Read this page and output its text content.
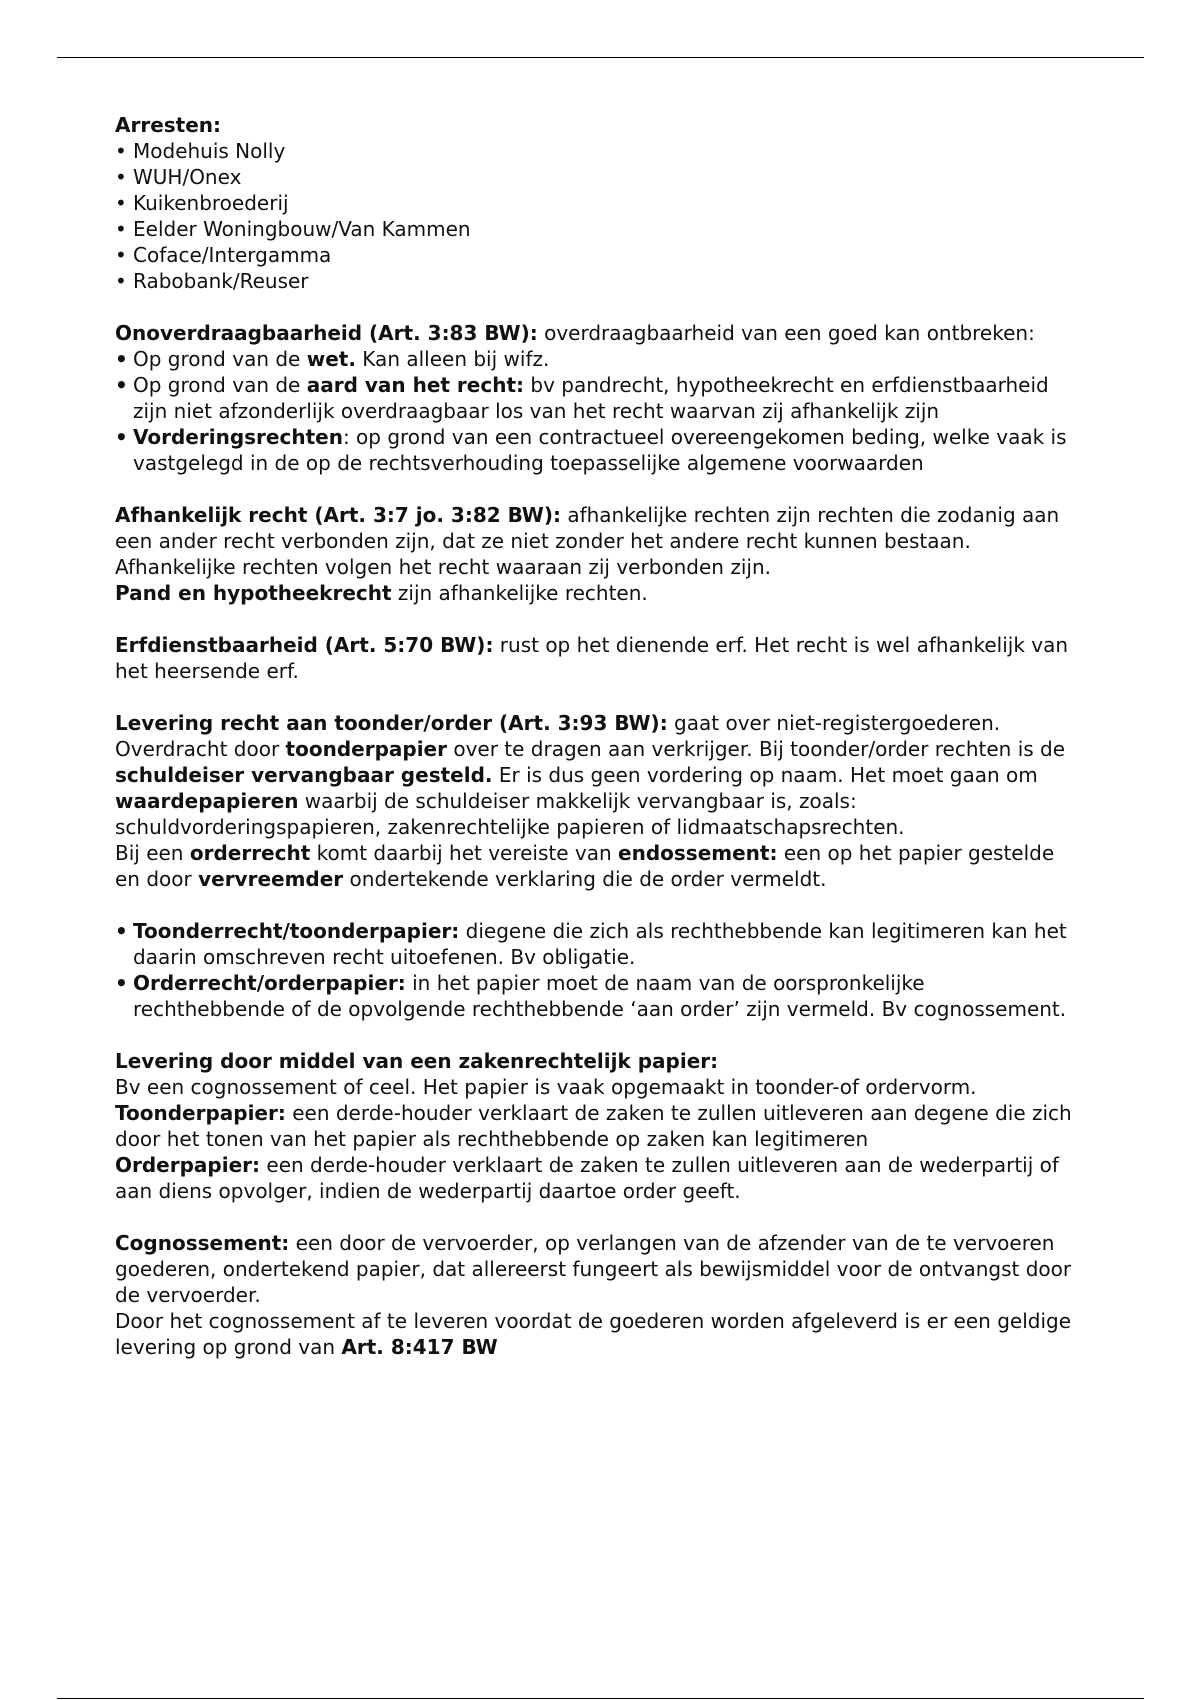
Arresten:
• Modehuis Nolly
• WUH/Onex
• Kuikenbroederij
• Eelder Woningbouw/Van Kammen
• Coface/Intergamma
• Rabobank/Reuser
Onoverdraagbaarheid (Art. 3:83 BW): overdraagbaarheid van een goed kan ontbreken:
• Op grond van de wet. Kan alleen bij wifz.
• Op grond van de aard van het recht: bv pandrecht, hypotheekrecht en erfdienstbaarheid zijn niet afzonderlijk overdraagbaar los van het recht waarvan zij afhankelijk zijn
• Vorderingsrechten: op grond van een contractueel overeengekomen beding, welke vaak is vastgelegd in de op de rechtsverhouding toepasselijke algemene voorwaarden
Afhankelijk recht (Art. 3:7 jo. 3:82 BW): afhankelijke rechten zijn rechten die zodanig aan een ander recht verbonden zijn, dat ze niet zonder het andere recht kunnen bestaan. Afhankelijke rechten volgen het recht waaraan zij verbonden zijn.
Pand en hypotheekrecht zijn afhankelijke rechten.
Erfdienstbaarheid (Art. 5:70 BW): rust op het dienende erf. Het recht is wel afhankelijk van het heersende erf.
Levering recht aan toonder/order (Art. 3:93 BW): gaat over niet-registergoederen. Overdracht door toonderpapier over te dragen aan verkrijger. Bij toonder/order rechten is de schuldeiser vervangbaar gesteld. Er is dus geen vordering op naam. Het moet gaan om waardepapieren waarbij de schuldeiser makkelijk vervangbaar is, zoals: schuldvorderingspapieren, zakenrechtelijke papieren of lidmaatschapsrechten.
Bij een orderrecht komt daarbij het vereiste van endossement: een op het papier gestelde en door vervreemder ondertekende verklaring die de order vermeldt.
• Toonderrecht/toonderpapier: diegene die zich als rechthebbende kan legitimeren kan het daarin omschreven recht uitoefenen. Bv obligatie.
• Orderrecht/orderpapier: in het papier moet de naam van de oorspronkelijke rechthebbende of de opvolgende rechthebbende ‘aan order’ zijn vermeld. Bv cognossement.
Levering door middel van een zakenrechtelijk papier:
Bv een cognossement of ceel. Het papier is vaak opgemaakt in toonder-of ordervorm.
Toonderpapier: een derde-houder verklaart de zaken te zullen uitleveren aan degene die zich door het tonen van het papier als rechthebbende op zaken kan legitimeren
Orderpapier: een derde-houder verklaart de zaken te zullen uitleveren aan de wederpartij of aan diens opvolger, indien de wederpartij daartoe order geeft.
Cognossement: een door de vervoerder, op verlangen van de afzender van de te vervoeren goederen, ondertekend papier, dat allereerst fungeert als bewijsmiddel voor de ontvangst door de vervoerder.
Door het cognossement af te leveren voordat de goederen worden afgeleverd is er een geldige levering op grond van Art. 8:417 BW
